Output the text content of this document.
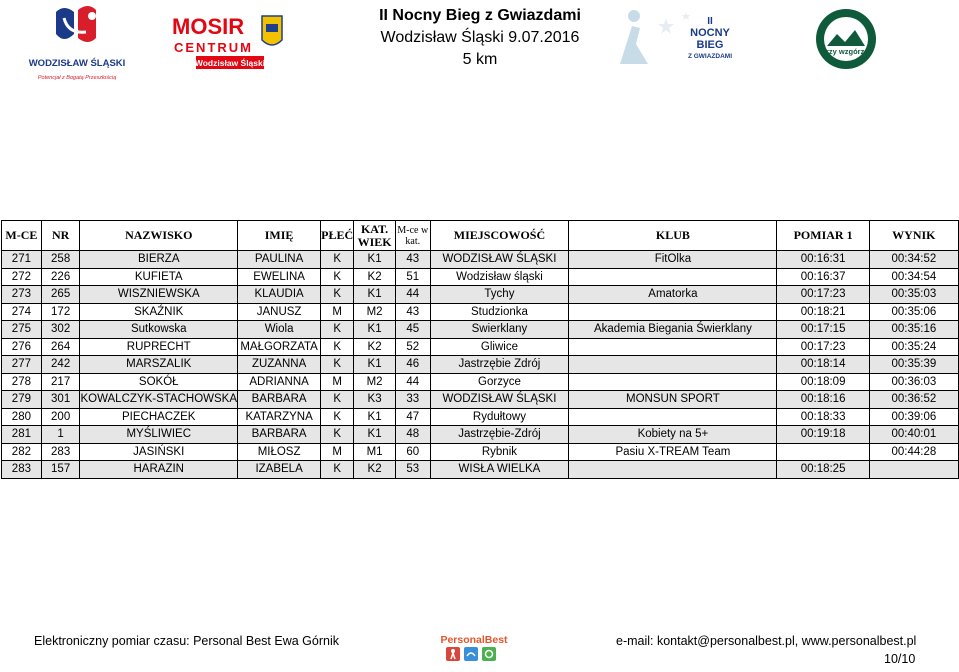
WODZISŁAW ŚLĄSKI
Potencjał z Bogatą Przeszłością
MOSIR
CENTRUM
Wodzisław Śląski
II Nocny Bieg z Gwiazdami
Wodzisław Śląski 9.07.2016
5 km
II
NOCNY
BIEG
Z GWIAZDAMI
trzy wzgórza
M-CE	NR	NAZWISKO	IMIĘ	PŁEĆ	KAT. WIEK	M-ce w kat.	MIEJSCOWOŚĆ	KLUB	POMIAR 1	WYNIK
271	258	BIERZA	PAULINA	K	K1	43	WODZISŁAW ŚLĄSKI	FitOlka	00:16:31	00:34:52
272	226	KUFIETA	EWELINA	K	K2	51	Wodzisław śląski		00:16:37	00:34:54
273	265	WISZNIEWSKA	KLAUDIA	K	K1	44	Tychy	Amatorka	00:17:23	00:35:03
274	172	SKAŹNIK	JANUSZ	M	M2	43	Studzionka		00:18:21	00:35:06
275	302	Sutkowska	Wiola	K	K1	45	Swierklany	Akademia Biegania Świerklany	00:17:15	00:35:16
276	264	RUPRECHT	MAŁGORZATA	K	K2	52	Gliwice		00:17:23	00:35:24
277	242	MARSZALIK	ZUZANNA	K	K1	46	Jastrzębie Zdrój		00:18:14	00:35:39
278	217	SOKÓŁ	ADRIANNA	M	M2	44	Gorzyce		00:18:09	00:36:03
279	301	KOWALCZYK-STACHOWSKA	BARBARA	K	K3	33	WODZISŁAW ŚLĄSKI	MONSUN SPORT	00:18:16	00:36:52
280	200	PIECHACZEK	KATARZYNA	K	K1	47	Rydułtowy		00:18:33	00:39:06
281	1	MYŚLIWIEC	BARBARA	K	K1	48	Jastrzębie-Zdrój	Kobiety na 5+	00:19:18	00:40:01
282	283	JASIŃSKI	MIŁOSZ	M	M1	60	Rybnik	Pasiu X-TREAM Team		00:44:28
283	157	HARAZIN	IZABELA	K	K2	53	WISŁA WIELKA		00:18:25	
Elektroniczny pomiar czasu: Personal Best Ewa Górnik	PersonalBest	e-mail: kontakt@personalbest.pl, www.personalbest.pl
10/10
